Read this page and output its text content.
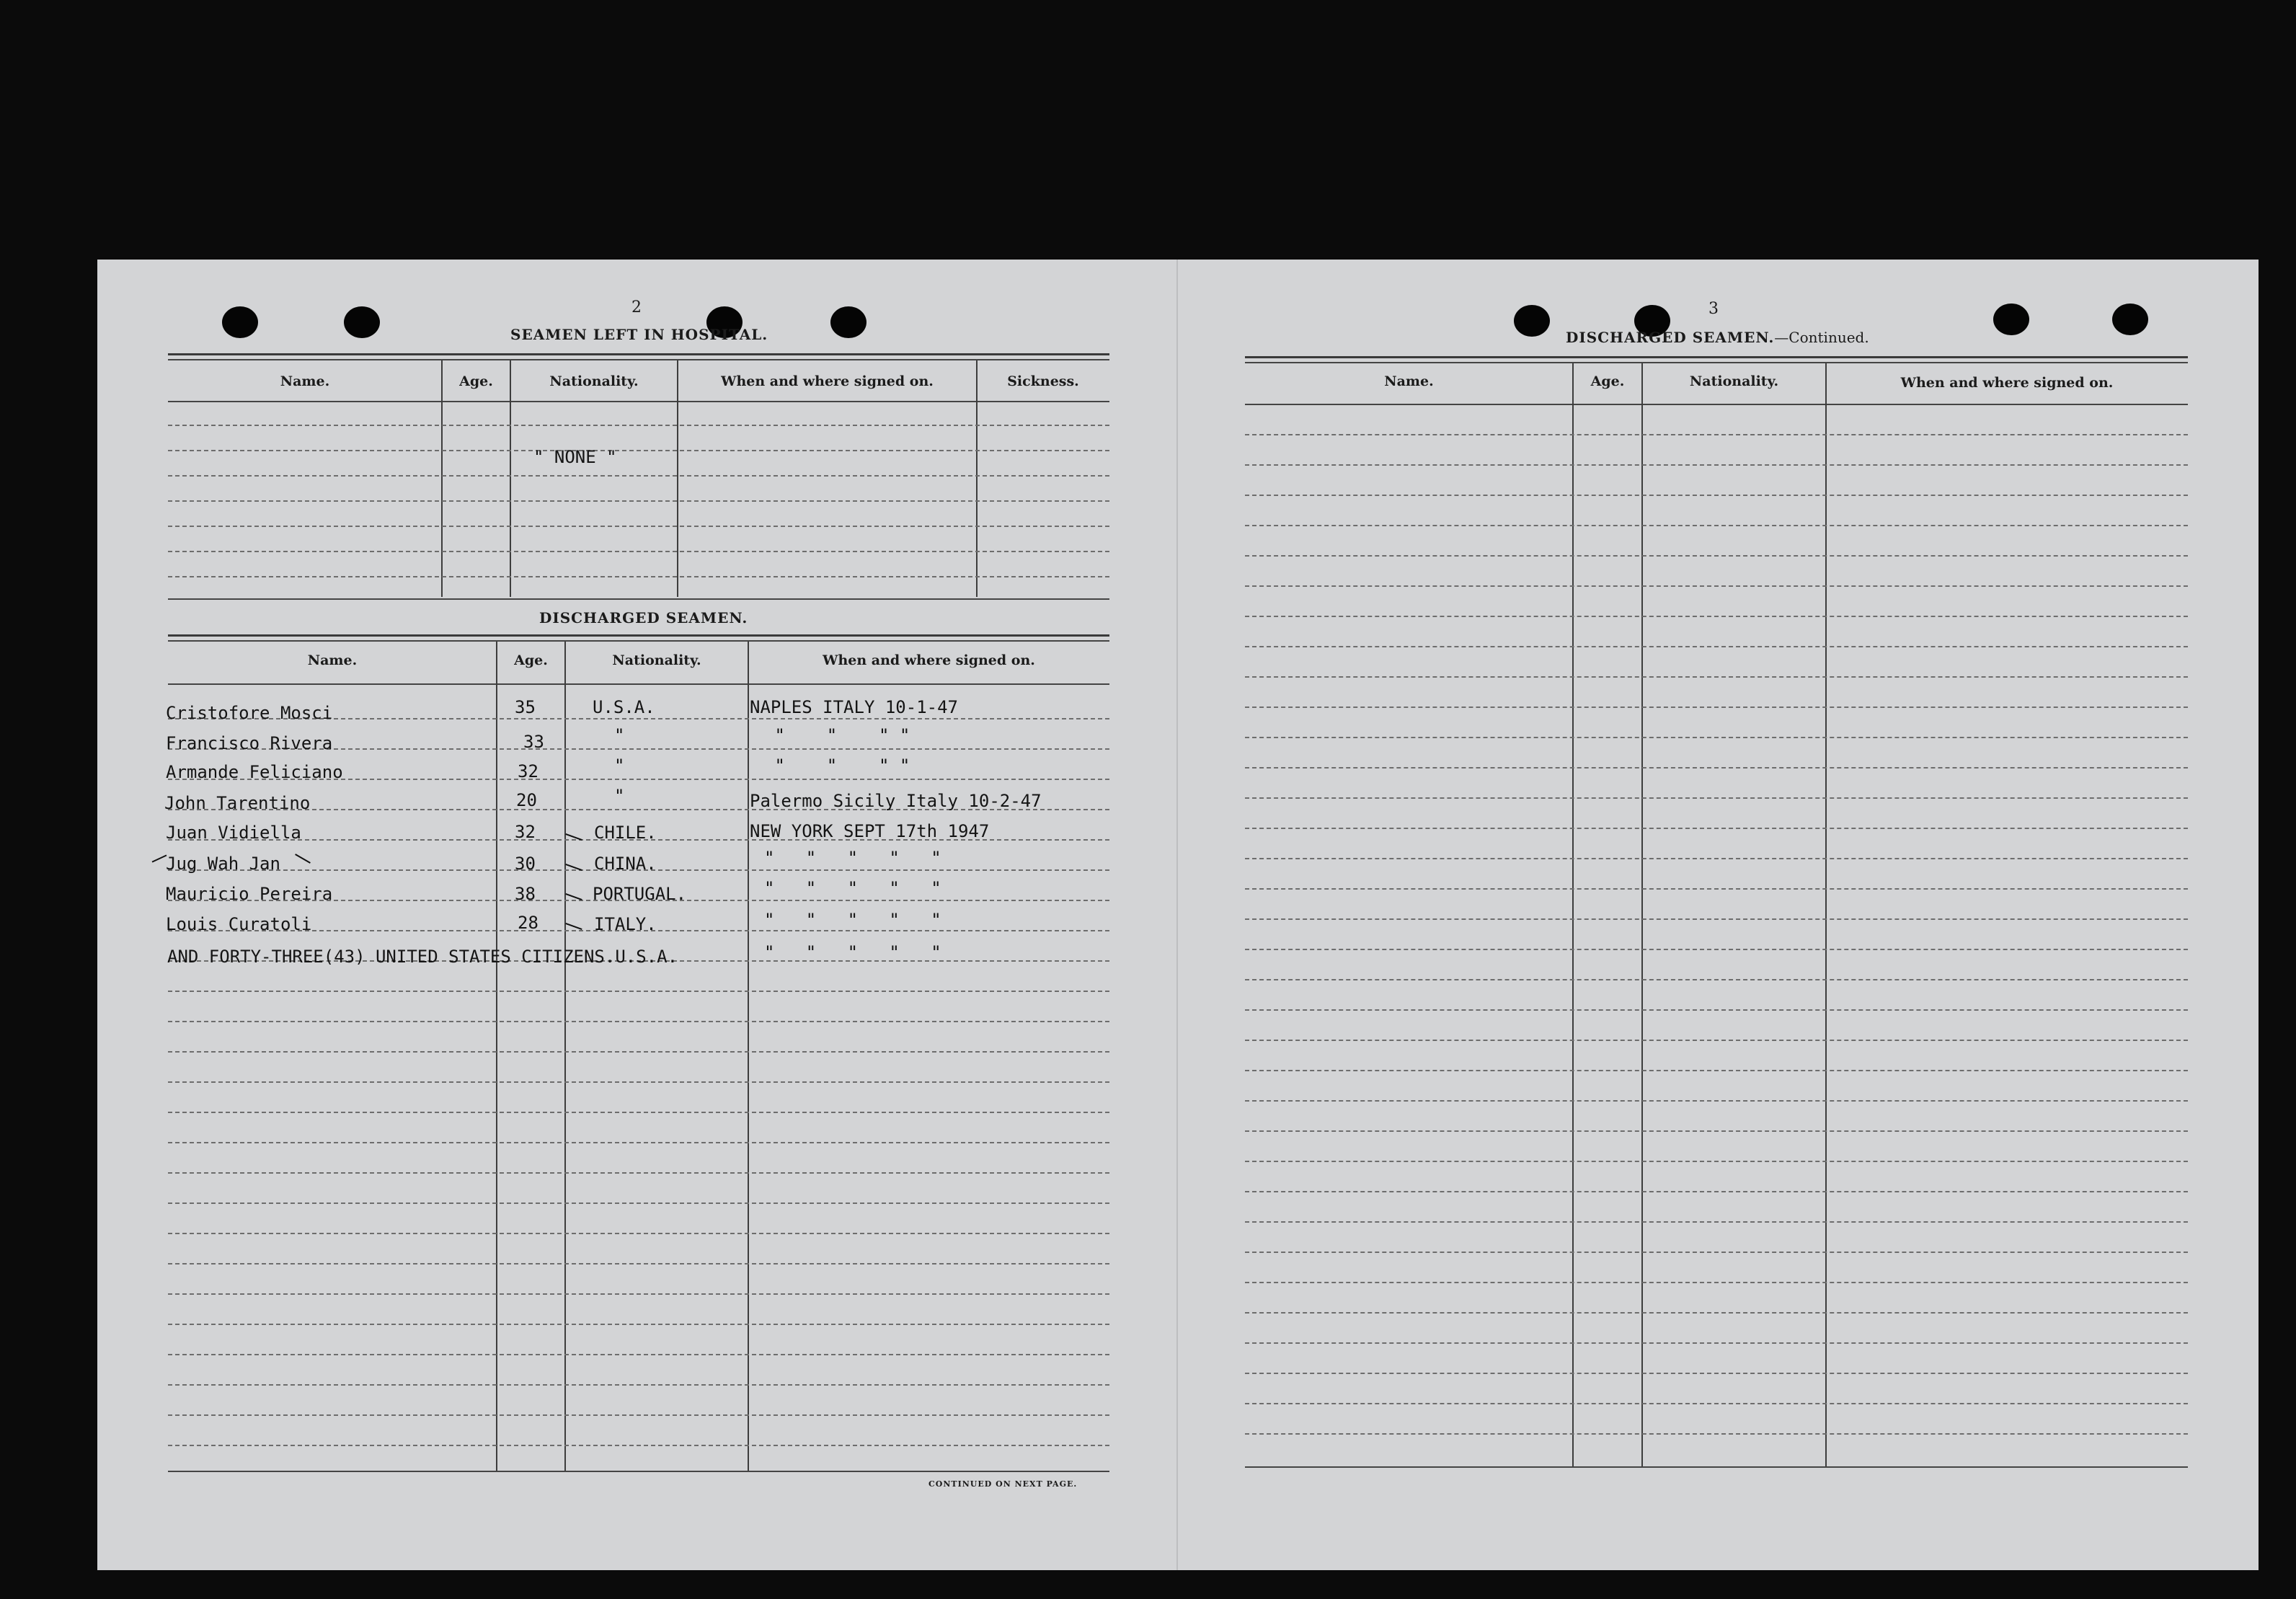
2
SEAMEN LEFT IN HOSPITAL.
Name.	Age.	Nationality.	When and where signed on.	Sickness.
" NONE "
DISCHARGED SEAMEN.
Name.	Age.	Nationality.	When and where signed on.
Cristofore Mosci	35	U.S.A.	NAPLES ITALY 10-1-47
Francisco Rivera	33	"	"    "    " "
Armande Feliciano	32	"	"    "    " "
John Tarentino	20	"	Palermo Sicily Italy 10-2-47
Juan Vidiella	32	CHILE.	NEW YORK SEPT 17th 1947
Jug Wah Jan	30	CHINA.	"   "   "   "   "
Mauricio Pereira	38	PORTUGAL.	"   "   "   "   "
Louis Curatoli	28	ITALY.	"   "   "   "   "
AND FORTY-THREE(43) UNITED STATES CITIZENS.U.S.A.	"   "   "   "   "
CONTINUED ON NEXT PAGE.
3
DISCHARGED SEAMEN.—Continued.
Name.	Age.	Nationality.	When and where signed on.
